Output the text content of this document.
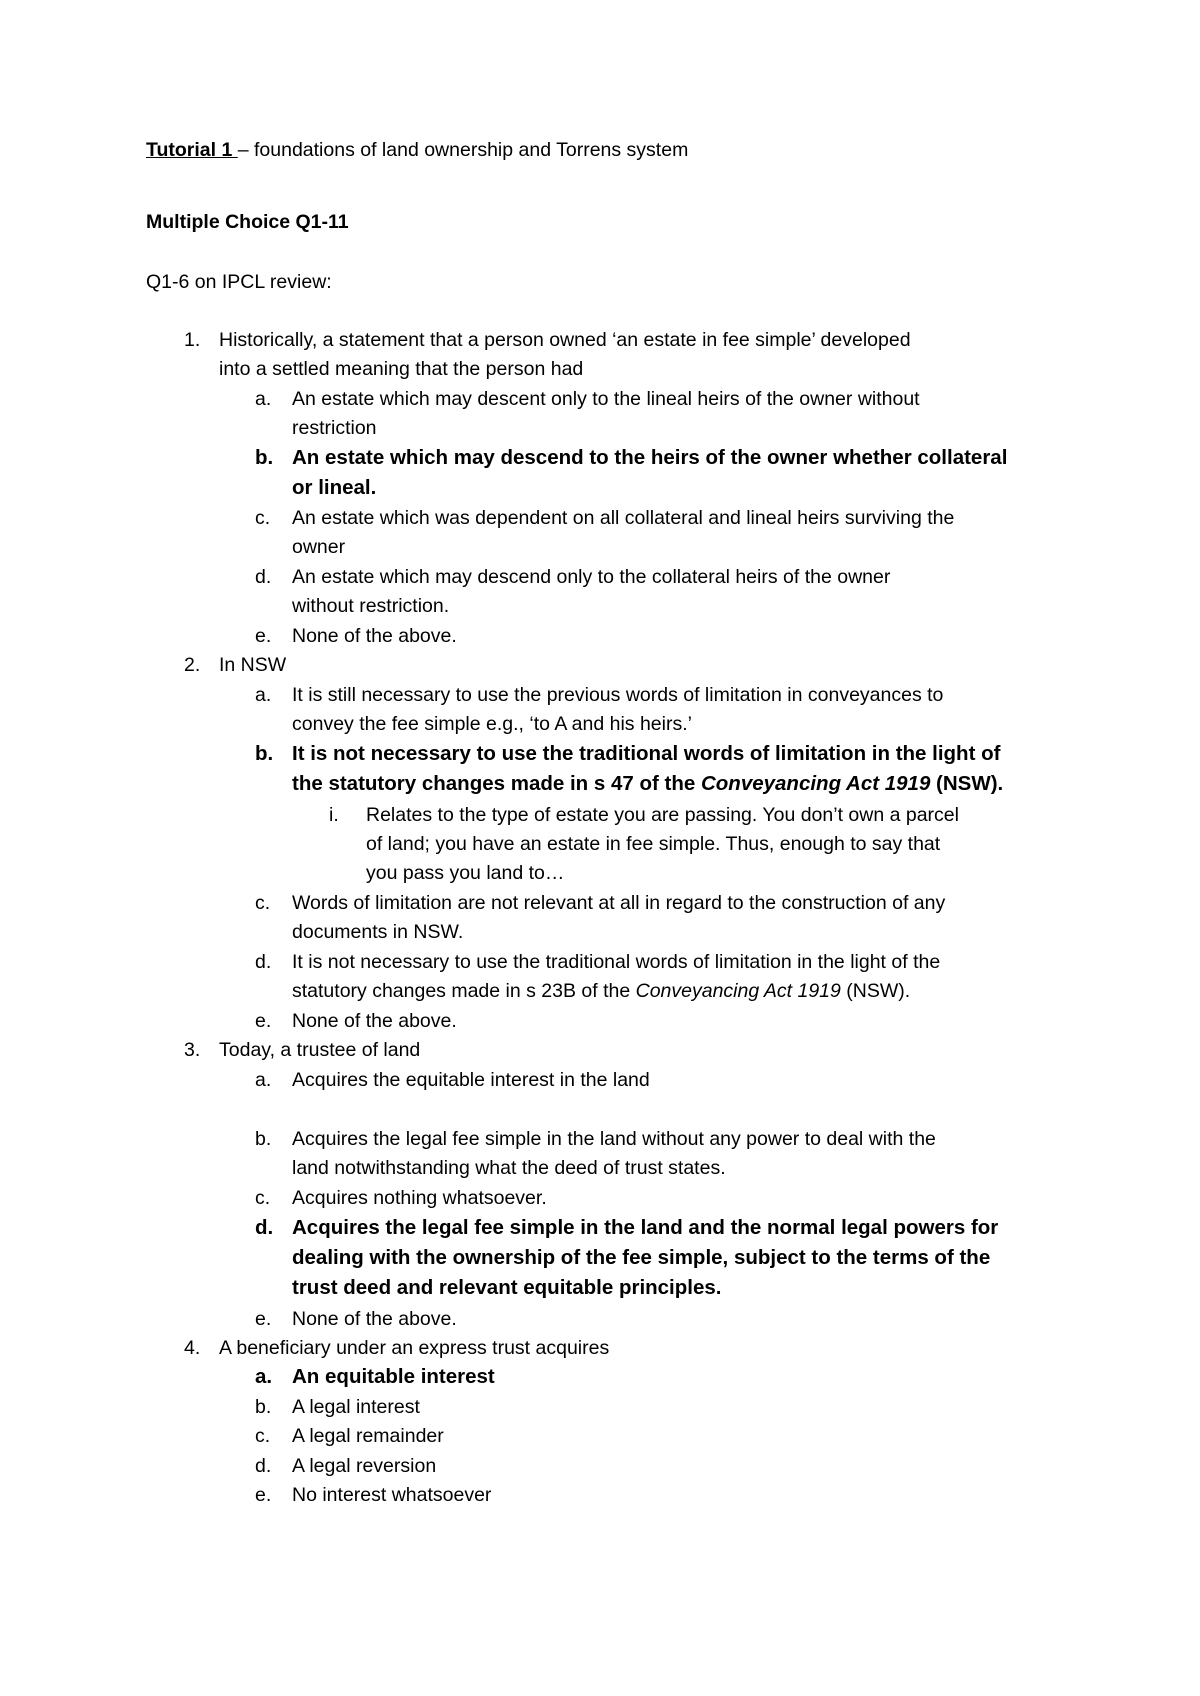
Tutorial 1 – foundations of land ownership and Torrens system
Multiple Choice Q1-11
Q1-6 on IPCL review:
1. Historically, a statement that a person owned ‘an estate in fee simple’ developed
into a settled meaning that the person had
a. An estate which may descent only to the lineal heirs of the owner without
restriction
b. An estate which may descend to the heirs of the owner whether collateral
or lineal.
c. An estate which was dependent on all collateral and lineal heirs surviving the
owner
d. An estate which may descend only to the collateral heirs of the owner
without restriction.
e. None of the above.
2. In NSW
a. It is still necessary to use the previous words of limitation in conveyances to
convey the fee simple e.g., ‘to A and his heirs.’
b. It is not necessary to use the traditional words of limitation in the light of
the statutory changes made in s 47 of the Conveyancing Act 1919 (NSW).
i. Relates to the type of estate you are passing. You don’t own a parcel
of land; you have an estate in fee simple. Thus, enough to say that
you pass you land to…
c. Words of limitation are not relevant at all in regard to the construction of any
documents in NSW.
d. It is not necessary to use the traditional words of limitation in the light of the
statutory changes made in s 23B of the Conveyancing Act 1919 (NSW).
e. None of the above.
3. Today, a trustee of land
a. Acquires the equitable interest in the land
b. Acquires the legal fee simple in the land without any power to deal with the
land notwithstanding what the deed of trust states.
c. Acquires nothing whatsoever.
d. Acquires the legal fee simple in the land and the normal legal powers for
dealing with the ownership of the fee simple, subject to the terms of the
trust deed and relevant equitable principles.
e. None of the above.
4. A beneficiary under an express trust acquires
a. An equitable interest
b. A legal interest
c. A legal remainder
d. A legal reversion
e. No interest whatsoever
